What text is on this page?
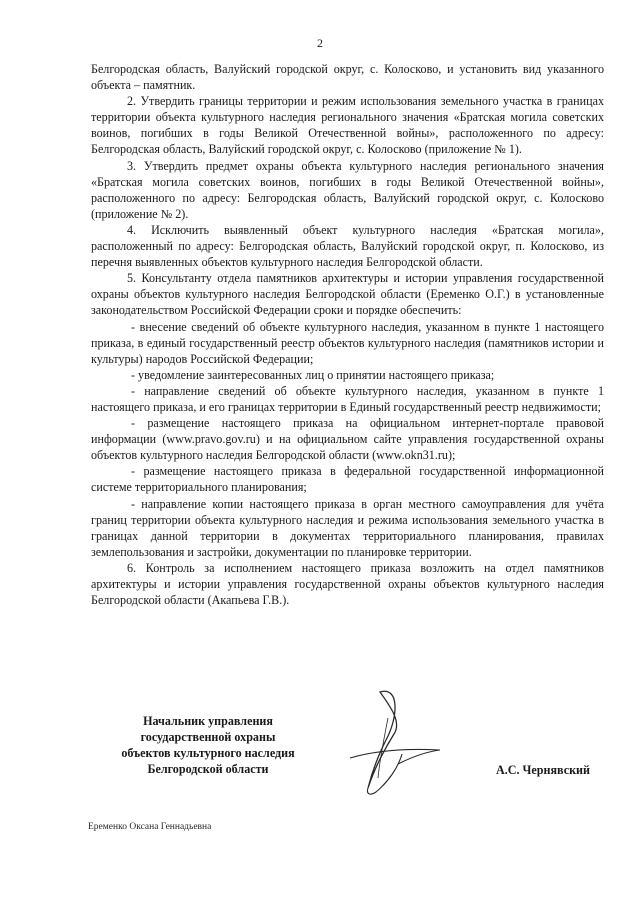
2

Белгородская область, Валуйский городской округ, с. Колосково, и установить вид указанного объекта – памятник.

2. Утвердить границы территории и режим использования земельного участка в границах территории объекта культурного наследия регионального значения «Братская могила советских воинов, погибших в годы Великой Отечественной войны», расположенного по адресу: Белгородская область, Валуйский городской округ, с. Колосково (приложение № 1).

3. Утвердить предмет охраны объекта культурного наследия регионального значения «Братская могила советских воинов, погибших в годы Великой Отечественной войны», расположенного по адресу: Белгородская область, Валуйский городской округ, с. Колосково (приложение № 2).

4. Исключить выявленный объект культурного наследия «Братская могила», расположенный по адресу: Белгородская область, Валуйский городской округ, п. Колосково, из перечня выявленных объектов культурного наследия Белгородской области.

5. Консультанту отдела памятников архитектуры и истории управления государственной охраны объектов культурного наследия Белгородской области (Еременко О.Г.) в установленные законодательством Российской Федерации сроки и порядке обеспечить:

- внесение сведений об объекте культурного наследия, указанном в пункте 1 настоящего приказа, в единый государственный реестр объектов культурного наследия (памятников истории и культуры) народов Российской Федерации;

- уведомление заинтересованных лиц о принятии настоящего приказа;

- направление сведений об объекте культурного наследия, указанном в пункте 1 настоящего приказа, и его границах территории в Единый государственный реестр недвижимости;

- размещение настоящего приказа на официальном интернет-портале правовой информации (www.pravo.gov.ru) и на официальном сайте управления государственной охраны объектов культурного наследия Белгородской области (www.okn31.ru);

- размещение настоящего приказа в федеральной государственной информационной системе территориального планирования;

- направление копии настоящего приказа в орган местного самоуправления для учёта границ территории объекта культурного наследия и режима использования земельного участка в границах данной территории в документах территориального планирования, правилах землепользования и застройки, документации по планировке территории.

6. Контроль за исполнением настоящего приказа возложить на отдел памятников архитектуры и истории управления государственной охраны объектов культурного наследия Белгородской области (Акапьева Г.В.).

Начальник управления
государственной охраны
объектов культурного наследия
Белгородской области	А.С. Чернявский
Еременко Оксана Геннадьевна
